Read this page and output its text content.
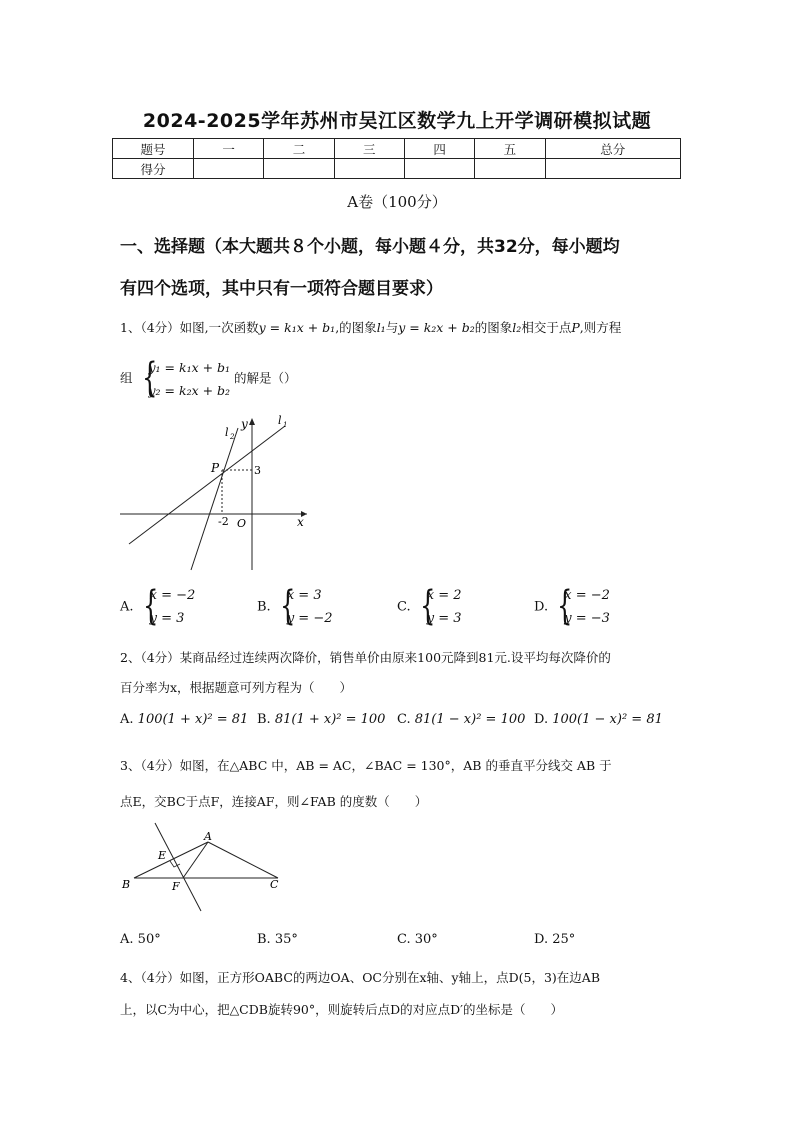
2024-2025学年苏州市吴江区数学九上开学调研模拟试题
题号	一	二	三	四	五	总分
得分						
A卷（100分）
一、选择题（本大题共８个小题，每小题４分，共32分，每小题均
有四个选项，其中只有一项符合题目要求）
1、（4分）如图,一次函数y = k₁x + b₁,的图象l₁与y = k₂x + b₂的图象l₂相交于点P,则方程
组 {
y₁ = k₁x + b₁
y₂ = k₂x + b₂ 的解是（）
l 2
l 1
y
x
P	3
-2 O
A. {
x = −2
y = 3
B. {
x = 3
y = −2
C. {
x = 2
y = 3
D. {
x = −2
y = −3
2、（4分）某商品经过连续两次降价，销售单价由原来100元降到81元.设平均每次降价的
百分率为x，根据题意可列方程为（　　）
A. 100(1 + x)² = 81 B. 81(1 + x)² = 100 C. 81(1 − x)² = 100 D. 100(1 − x)² = 81
3、（4分）如图，在△ABC 中，AB = AC，∠BAC = 130°，AB 的垂直平分线交 AB 于
点E，交BC于点F，连接AF，则∠FAB 的度数（　　）
A
B	C
E
F
A. 50°	B. 35°	C. 30°	D. 25°
4、（4分）如图，正方形OABC的两边OA、OC分别在x轴、y轴上，点D(5，3)在边AB
上，以C为中心，把△CDB旋转90°，则旋转后点D的对应点D′的坐标是（　　）
